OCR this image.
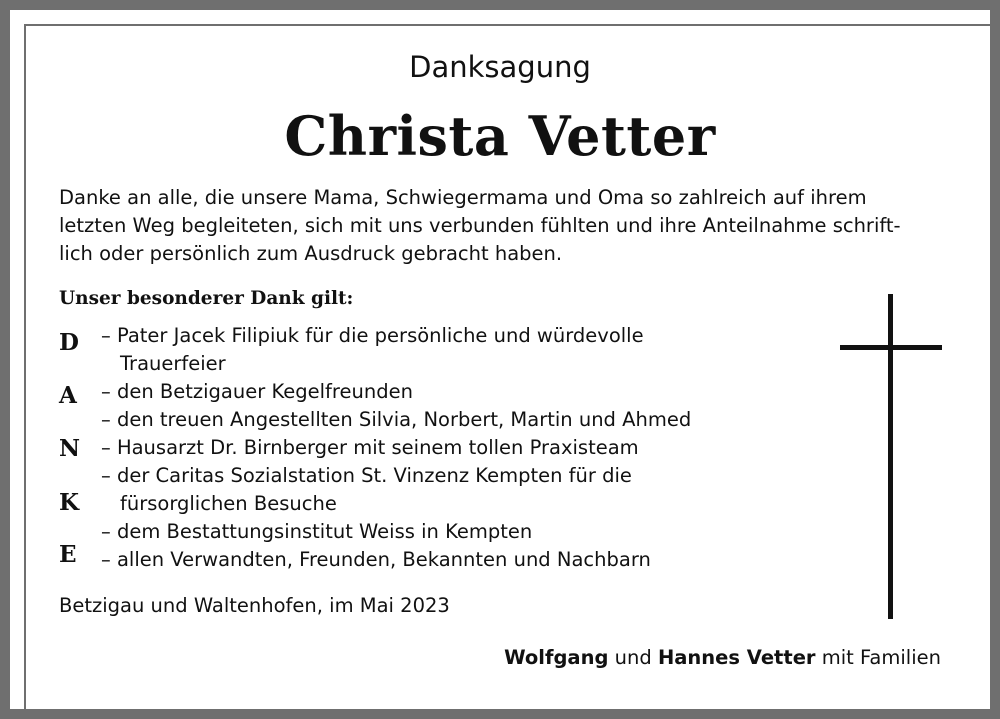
Danksagung

Christa Vetter

Danke an alle, die unsere Mama, Schwiegermama und Oma so zahlreich auf ihrem
letzten Weg begleiteten, sich mit uns verbunden fühlten und ihre Anteilnahme schrift-
lich oder persönlich zum Ausdruck gebracht haben.

Unser besonderer Dank gilt:

D
A
N
K
E
– Pater Jacek Filipiuk für die persönliche und würdevolle
Trauerfeier
– den Betzigauer Kegelfreunden
– den treuen Angestellten Silvia, Norbert, Martin und Ahmed
– Hausarzt Dr. Birnberger mit seinem tollen Praxisteam
– der Caritas Sozialstation St. Vinzenz Kempten für die
fürsorglichen Besuche
– dem Bestattungsinstitut Weiss in Kempten
– allen Verwandten, Freunden, Bekannten und Nachbarn

Betzigau und Waltenhofen, im Mai 2023

Wolfgang und Hannes Vetter mit Familien
